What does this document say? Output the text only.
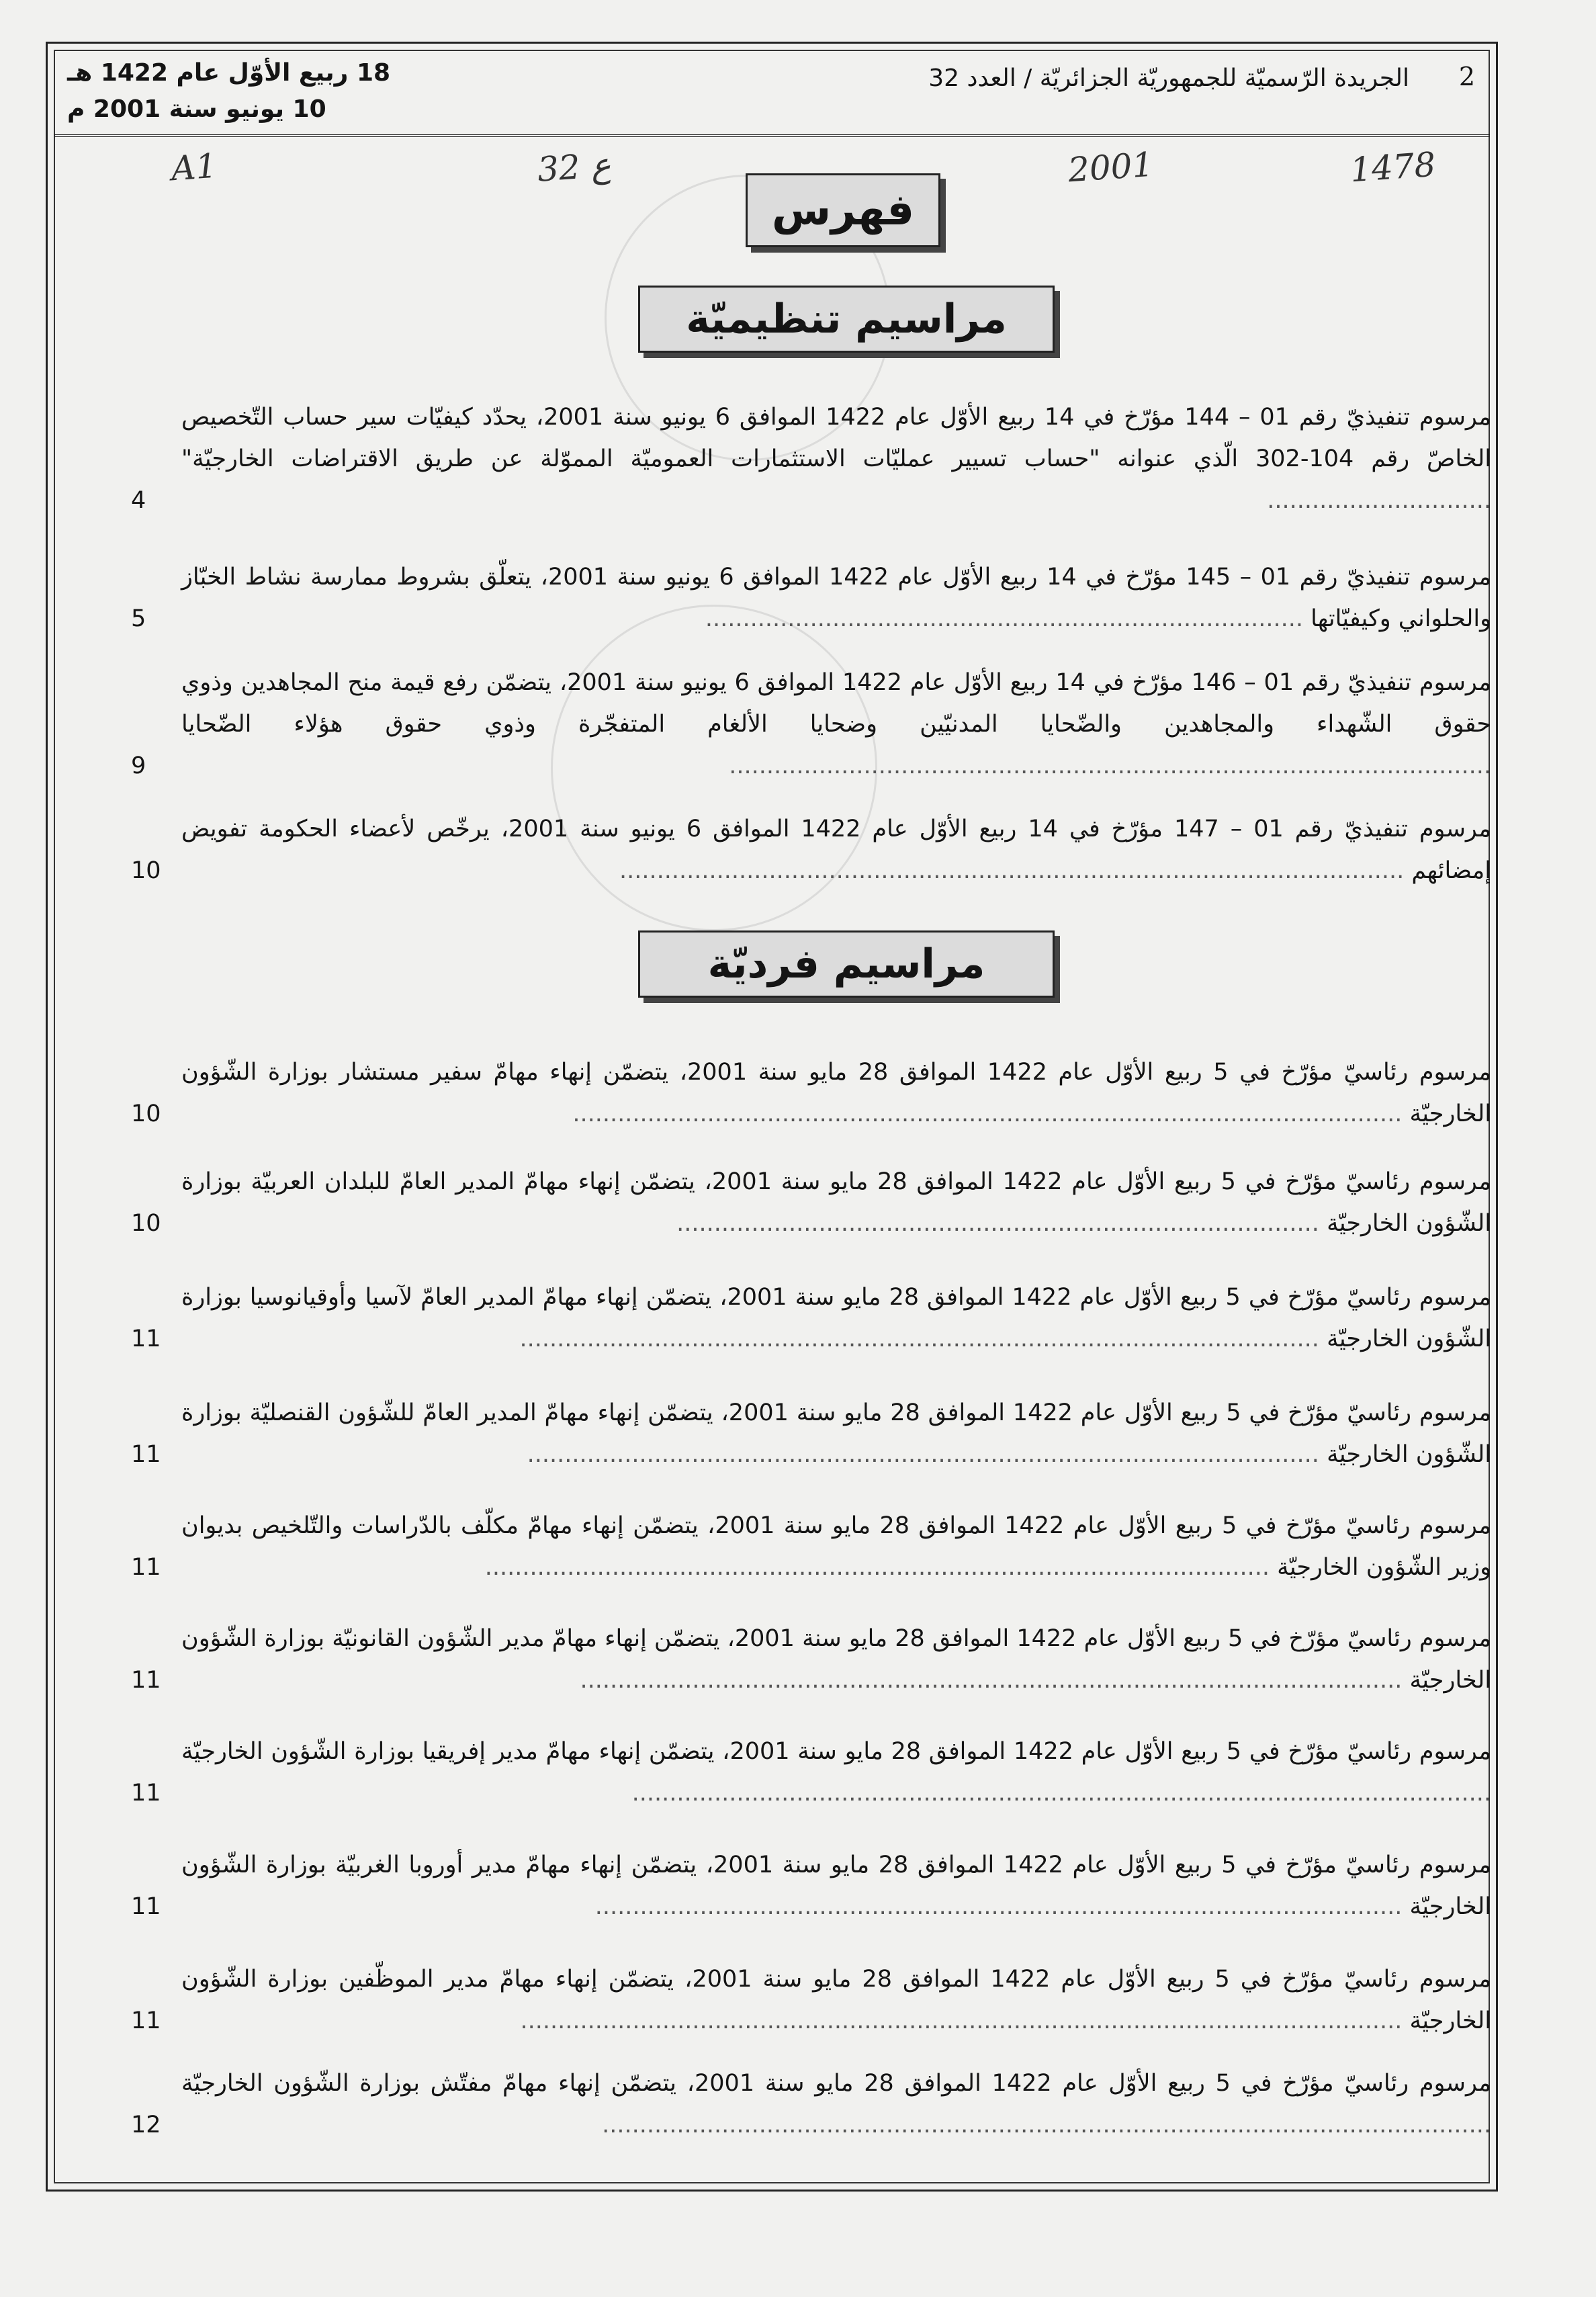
2
الجريدة الرّسميّة للجمهوريّة الجزائريّة / العدد 32
18 ربيع الأوّل عام 1422 هـ
10 يونيو سنة 2001 م
A1	32 ع	2001	1478
فهرس
مراسيم تنظيميّة
مراسيم فرديّة
مرسوم تنفيذيّ رقم 01 – 144 مؤرّخ في 14 ربيع الأوّل عام 1422 الموافق 6 يونيو سنة 2001، يحدّد كيفيّات سير حساب التّخصيص الخاصّ رقم 104-302 الّذي عنوانه "حساب تسيير عمليّات الاستثمارات العموميّة المموّلة عن طريق الاقتراضات الخارجيّة" ..............................
4
مرسوم تنفيذيّ رقم 01 – 145 مؤرّخ في 14 ربيع الأوّل عام 1422 الموافق 6 يونيو سنة 2001، يتعلّق بشروط ممارسة نشاط الخبّاز والحلواني وكيفيّاتها ................................................................................
5
مرسوم تنفيذيّ رقم 01 – 146 مؤرّخ في 14 ربيع الأوّل عام 1422 الموافق 6 يونيو سنة 2001، يتضمّن رفع قيمة منح المجاهدين وذوي حقوق الشّهداء والمجاهدين والضّحايا المدنيّين وضحايا الألغام المتفجّرة وذوي حقوق هؤلاء الضّحايا ......................................................................................................
9
مرسوم تنفيذيّ رقم 01 – 147 مؤرّخ في 14 ربيع الأوّل عام 1422 الموافق 6 يونيو سنة 2001، يرخّص لأعضاء الحكومة تفويض إمضائهم .........................................................................................................
10
مرسوم رئاسيّ مؤرّخ في 5 ربيع الأوّل عام 1422 الموافق 28 مايو سنة 2001، يتضمّن إنهاء مهامّ سفير مستشار بوزارة الشّؤون الخارجيّة ...............................................................................................................
10
مرسوم رئاسيّ مؤرّخ في 5 ربيع الأوّل عام 1422 الموافق 28 مايو سنة 2001، يتضمّن إنهاء مهامّ المدير العامّ للبلدان العربيّة بوزارة الشّؤون الخارجيّة ......................................................................................
10
مرسوم رئاسيّ مؤرّخ في 5 ربيع الأوّل عام 1422 الموافق 28 مايو سنة 2001، يتضمّن إنهاء مهامّ المدير العامّ لآسيا وأوقيانوسيا بوزارة الشّؤون الخارجيّة ...........................................................................................................
11
مرسوم رئاسيّ مؤرّخ في 5 ربيع الأوّل عام 1422 الموافق 28 مايو سنة 2001، يتضمّن إنهاء مهامّ المدير العامّ للشّؤون القنصليّة بوزارة الشّؤون الخارجيّة ..........................................................................................................
11
مرسوم رئاسيّ مؤرّخ في 5 ربيع الأوّل عام 1422 الموافق 28 مايو سنة 2001، يتضمّن إنهاء مهامّ مكلّف بالدّراسات والتّلخيص بديوان وزير الشّؤون الخارجيّة .........................................................................................................
11
مرسوم رئاسيّ مؤرّخ في 5 ربيع الأوّل عام 1422 الموافق 28 مايو سنة 2001، يتضمّن إنهاء مهامّ مدير الشّؤون القانونيّة بوزارة الشّؤون الخارجيّة ..............................................................................................................
11
مرسوم رئاسيّ مؤرّخ في 5 ربيع الأوّل عام 1422 الموافق 28 مايو سنة 2001، يتضمّن إنهاء مهامّ مدير إفريقيا بوزارة الشّؤون الخارجيّة ...................................................................................................................
11
مرسوم رئاسيّ مؤرّخ في 5 ربيع الأوّل عام 1422 الموافق 28 مايو سنة 2001، يتضمّن إنهاء مهامّ مدير أوروبا الغربيّة بوزارة الشّؤون الخارجيّة ............................................................................................................
11
مرسوم رئاسيّ مؤرّخ في 5 ربيع الأوّل عام 1422 الموافق 28 مايو سنة 2001، يتضمّن إنهاء مهامّ مدير الموظّفين بوزارة الشّؤون الخارجيّة ......................................................................................................................
11
مرسوم رئاسيّ مؤرّخ في 5 ربيع الأوّل عام 1422 الموافق 28 مايو سنة 2001، يتضمّن إنهاء مهامّ مفتّش بوزارة الشّؤون الخارجيّة .......................................................................................................................
12
